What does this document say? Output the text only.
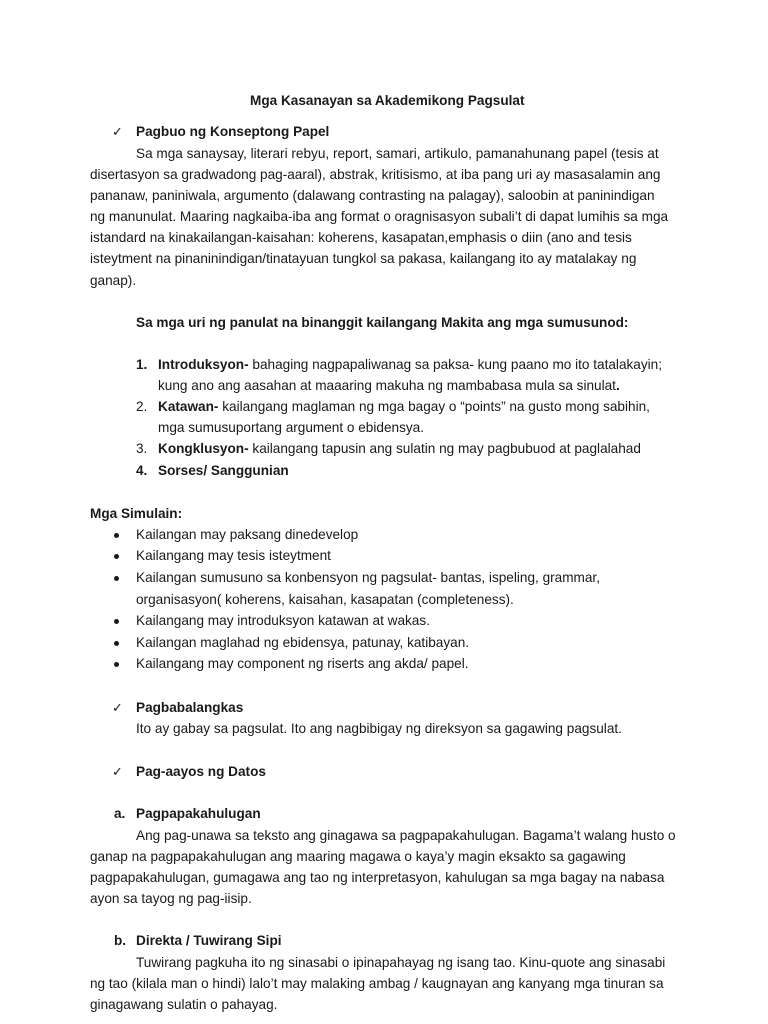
Mga Kasanayan sa Akademikong Pagsulat
✓ Pagbuo ng Konseptong Papel
Sa mga sanaysay, literari rebyu, report, samari, artikulo, pamanahunang papel (tesis at
disertasyon sa gradwadong pag-aaral), abstrak, kritisismo, at iba pang uri ay masasalamin ang
pananaw, paniniwala, argumento (dalawang contrasting na palagay), saloobin at paninindigan
ng manunulat. Maaring nagkaiba-iba ang format o oragnisasyon subali’t di dapat lumihis sa mga
istandard na kinakailangan-kaisahan: koherens, kasapatan,emphasis o diin (ano and tesis
isteytment na pinaninindigan/tinatayuan tungkol sa pakasa, kailangang ito ay matalakay ng
ganap).
Sa mga uri ng panulat na binanggit kailangang Makita ang mga sumusunod:
1. Introduksyon- bahaging nagpapaliwanag sa paksa- kung paano mo ito tatalakayin;
kung ano ang aasahan at maaaring makuha ng mambabasa mula sa sinulat.
2. Katawan- kailangang maglaman ng mga bagay o “points” na gusto mong sabihin,
mga sumusuportang argument o ebidensya.
3. Kongklusyon- kailangang tapusin ang sulatin ng may pagbubuod at paglalahad
4. Sorses/ Sanggunian
Mga Simulain:
Kailangan may paksang dinedevelop
Kailangang may tesis isteytment
Kailangan sumusuno sa konbensyon ng pagsulat- bantas, ispeling, grammar,
organisasyon( koherens, kaisahan, kasapatan (completeness).
Kailangang may introduksyon katawan at wakas.
Kailangan maglahad ng ebidensya, patunay, katibayan.
Kailangang may component ng riserts ang akda/ papel.
✓ Pagbabalangkas
Ito ay gabay sa pagsulat. Ito ang nagbibigay ng direksyon sa gagawing pagsulat.
✓ Pag-aayos ng Datos
a. Pagpapakahulugan
Ang pag-unawa sa teksto ang ginagawa sa pagpapakahulugan. Bagama’t walang husto o
ganap na pagpapakahulugan ang maaring magawa o kaya’y magin eksakto sa gagawing
pagpapakahulugan, gumagawa ang tao ng interpretasyon, kahulugan sa mga bagay na nabasa
ayon sa tayog ng pag-iisip.
b. Direkta / Tuwirang Sipi
Tuwirang pagkuha ito ng sinasabi o ipinapahayag ng isang tao. Kinu-quote ang sinasabi
ng tao (kilala man o hindi) lalo’t may malaking ambag / kaugnayan ang kanyang mga tinuran sa
ginagawang sulatin o pahayag.
